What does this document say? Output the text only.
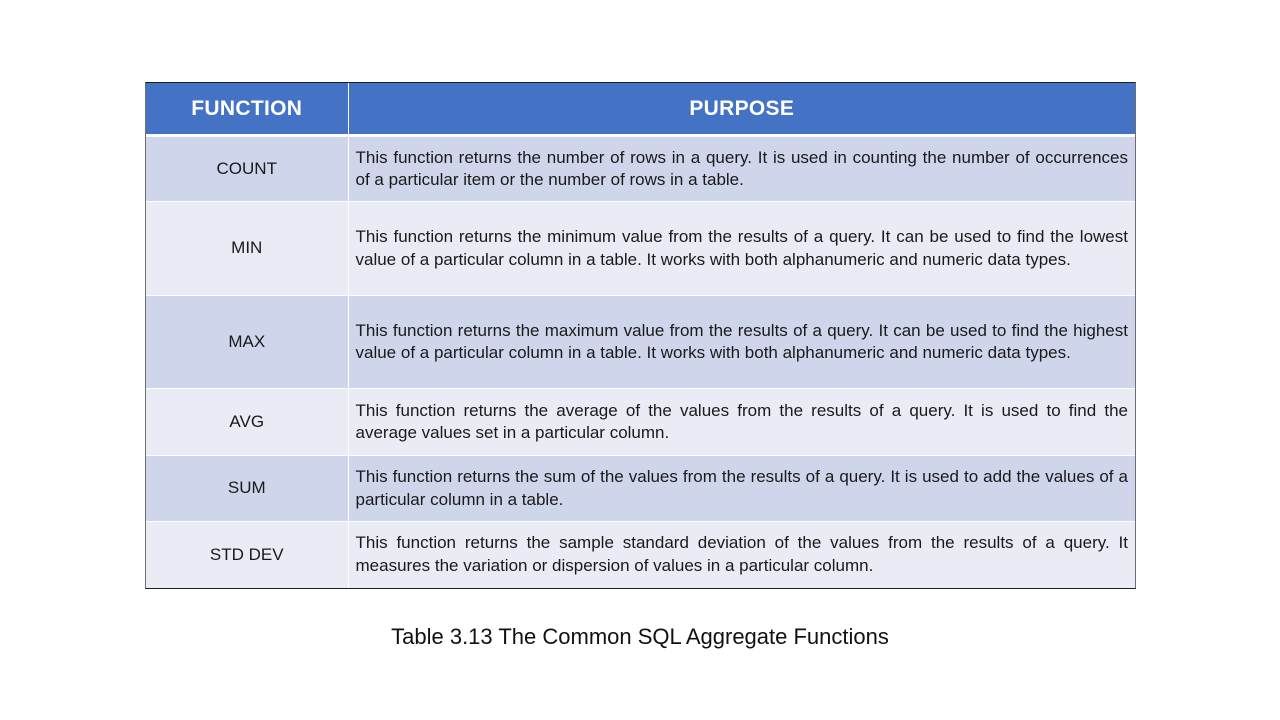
FUNCTION	PURPOSE
COUNT	This function returns the number of rows in a query. It is used in counting the number of occurrences of a particular item or the number of rows in a table.
MIN	This function returns the minimum value from the results of a query. It can be used to find the lowest value of a particular column in a table. It works with both alphanumeric and numeric data types.
MAX	This function returns the maximum value from the results of a query. It can be used to find the highest value of a particular column in a table. It works with both alphanumeric and numeric data types.
AVG	This function returns the average of the values from the results of a query. It is used to find the average values set in a particular column.
SUM	This function returns the sum of the values from the results of a query. It is used to add the values of a particular column in a table.
STD DEV	This function returns the sample standard deviation of the values from the results of a query. It measures the variation or dispersion of values in a particular column.
Table 3.13 The Common SQL Aggregate Functions
